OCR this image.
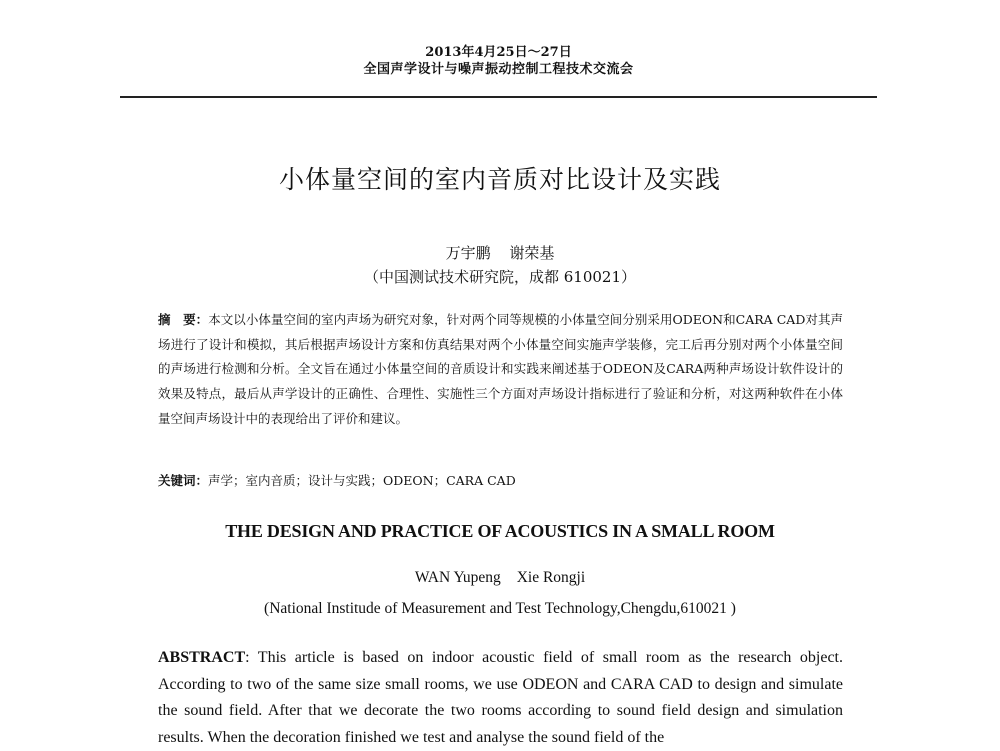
2013年4月25日～27日
全国声学设计与噪声振动控制工程技术交流会
小体量空间的室内音质对比设计及实践
万宇鹏 谢荣基
（中国测试技术研究院，成都 610021）
摘　要：本文以小体量空间的室内声场为研究对象，针对两个同等规模的小体量空间分别采用ODEON和CARA CAD对其声场进行了设计和模拟，其后根据声场设计方案和仿真结果对两个小体量空间实施声学装修，完工后再分别对两个小体量空间的声场进行检测和分析。全文旨在通过小体量空间的音质设计和实践来阐述基于ODEON及CARA两种声场设计软件设计的效果及特点，最后从声学设计的正确性、合理性、实施性三个方面对声场设计指标进行了验证和分析，对这两种软件在小体量空间声场设计中的表现给出了评价和建议。
关键词：声学；室内音质；设计与实践；ODEON；CARA CAD
THE DESIGN AND PRACTICE OF ACOUSTICS IN A SMALL ROOM
WAN Yupeng Xie Rongji
(National Institude of Measurement and Test Technology,Chengdu,610021 )
ABSTRACT: This article is based on indoor acoustic field of small room as the research object. According to two of the same size small rooms, we use ODEON and CARA CAD to design and simulate the sound field. After that we decorate the two rooms according to sound field design and simulation results. When the decoration finished we test and analyse the sound field of the
